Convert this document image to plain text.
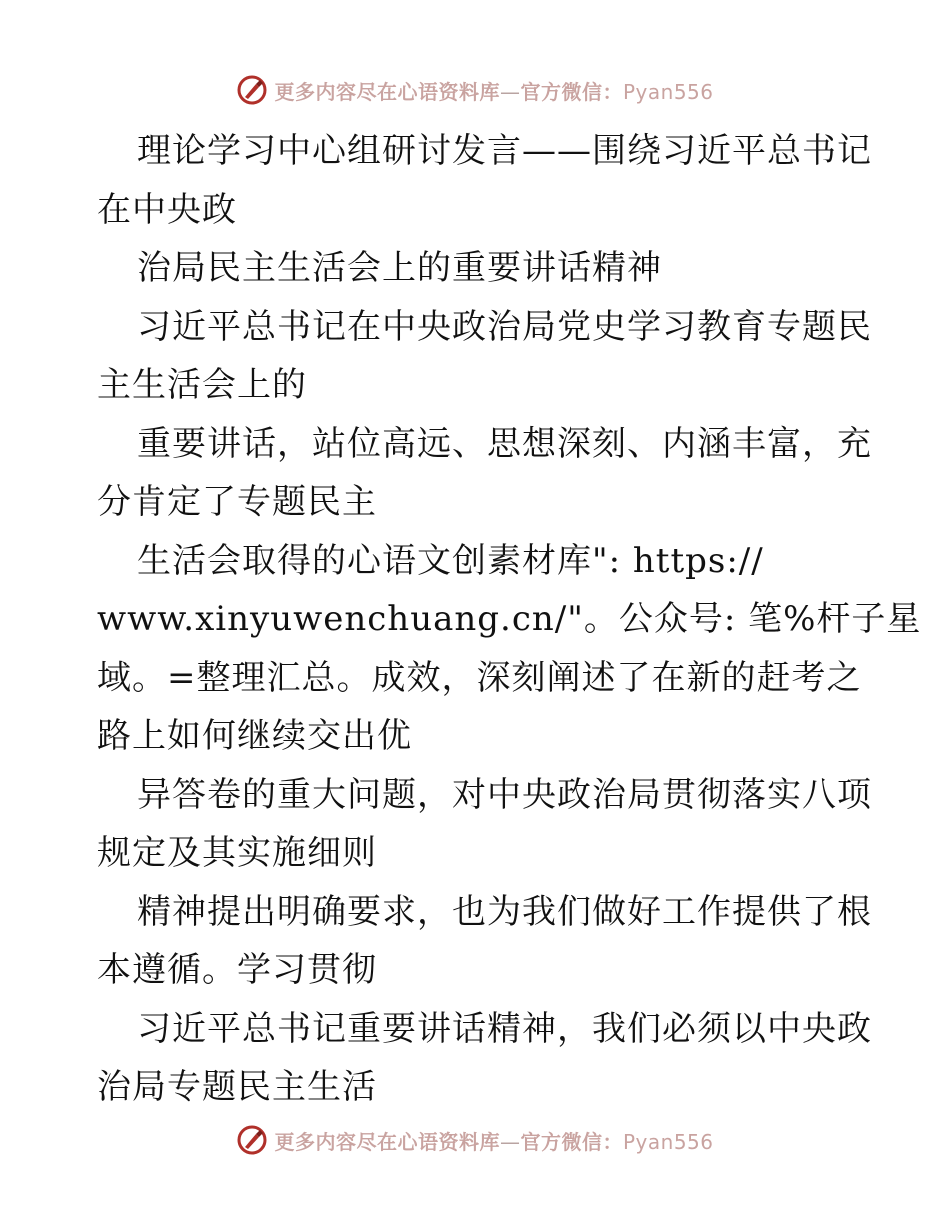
更多内容尽在心语资料库—官方微信：Pyan556
理论学习中心组研讨发言——围绕习近平总书记
在中央政
治局民主生活会上的重要讲话精神
习近平总书记在中央政治局党史学习教育专题民
主生活会上的
重要讲话，站位高远、思想深刻、内涵丰富，充
分肯定了专题民主
生活会取得的心语文创素材库": https://
www.xinyuwenchuang.cn/"。公众号: 笔%杆子星
域。=整理汇总。成效，深刻阐述了在新的赶考之
路上如何继续交出优
异答卷的重大问题，对中央政治局贯彻落实八项
规定及其实施细则
精神提出明确要求，也为我们做好工作提供了根
本遵循。学习贯彻
习近平总书记重要讲话精神，我们必须以中央政
治局专题民主生活
更多内容尽在心语资料库—官方微信：Pyan556
